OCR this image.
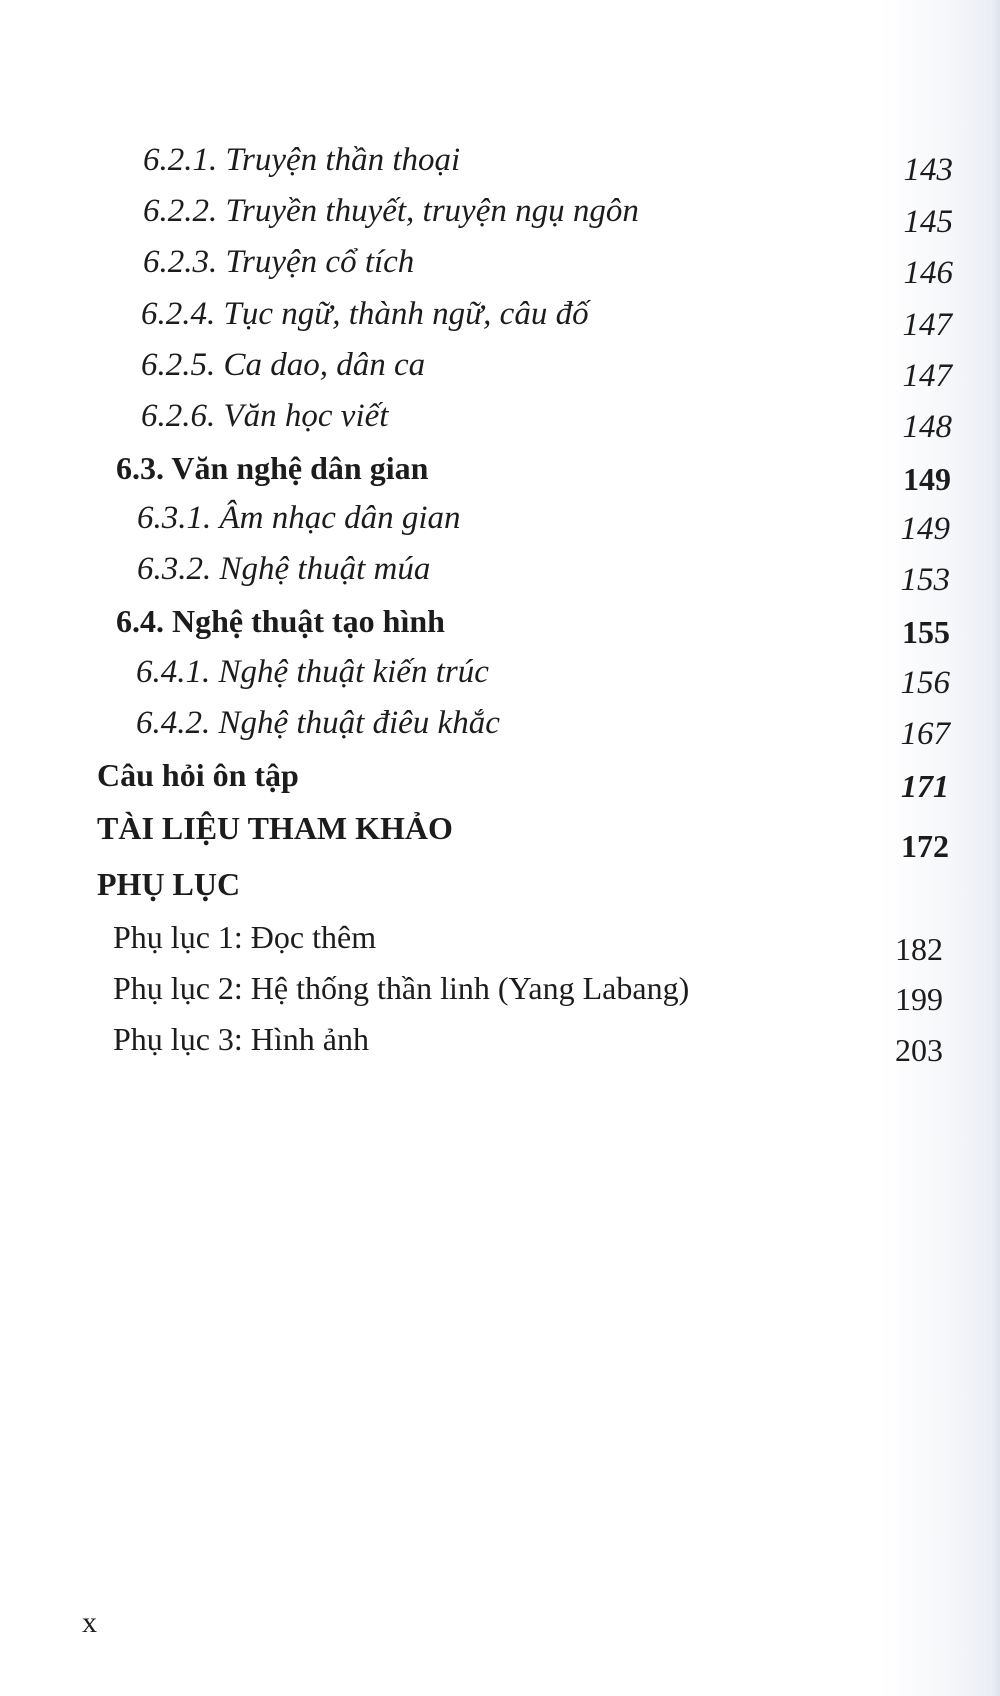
6.2.1. Truyện thần thoại	143
6.2.2. Truyền thuyết, truyện ngụ ngôn	145
6.2.3. Truyện cổ tích	146
6.2.4. Tục ngữ, thành ngữ, câu đố	147
6.2.5. Ca dao, dân ca	147
6.2.6. Văn học viết	148
6.3. Văn nghệ dân gian	149
6.3.1. Âm nhạc dân gian	149
6.3.2. Nghệ thuật múa	153
6.4. Nghệ thuật tạo hình	155
6.4.1. Nghệ thuật kiến trúc	156
6.4.2. Nghệ thuật điêu khắc	167
Câu hỏi ôn tập	171
TÀI LIỆU THAM KHẢO	172
PHỤ LỤC
Phụ lục 1: Đọc thêm	182
Phụ lục 2: Hệ thống thần linh (Yang Labang)	199
Phụ lục 3: Hình ảnh	203
x
